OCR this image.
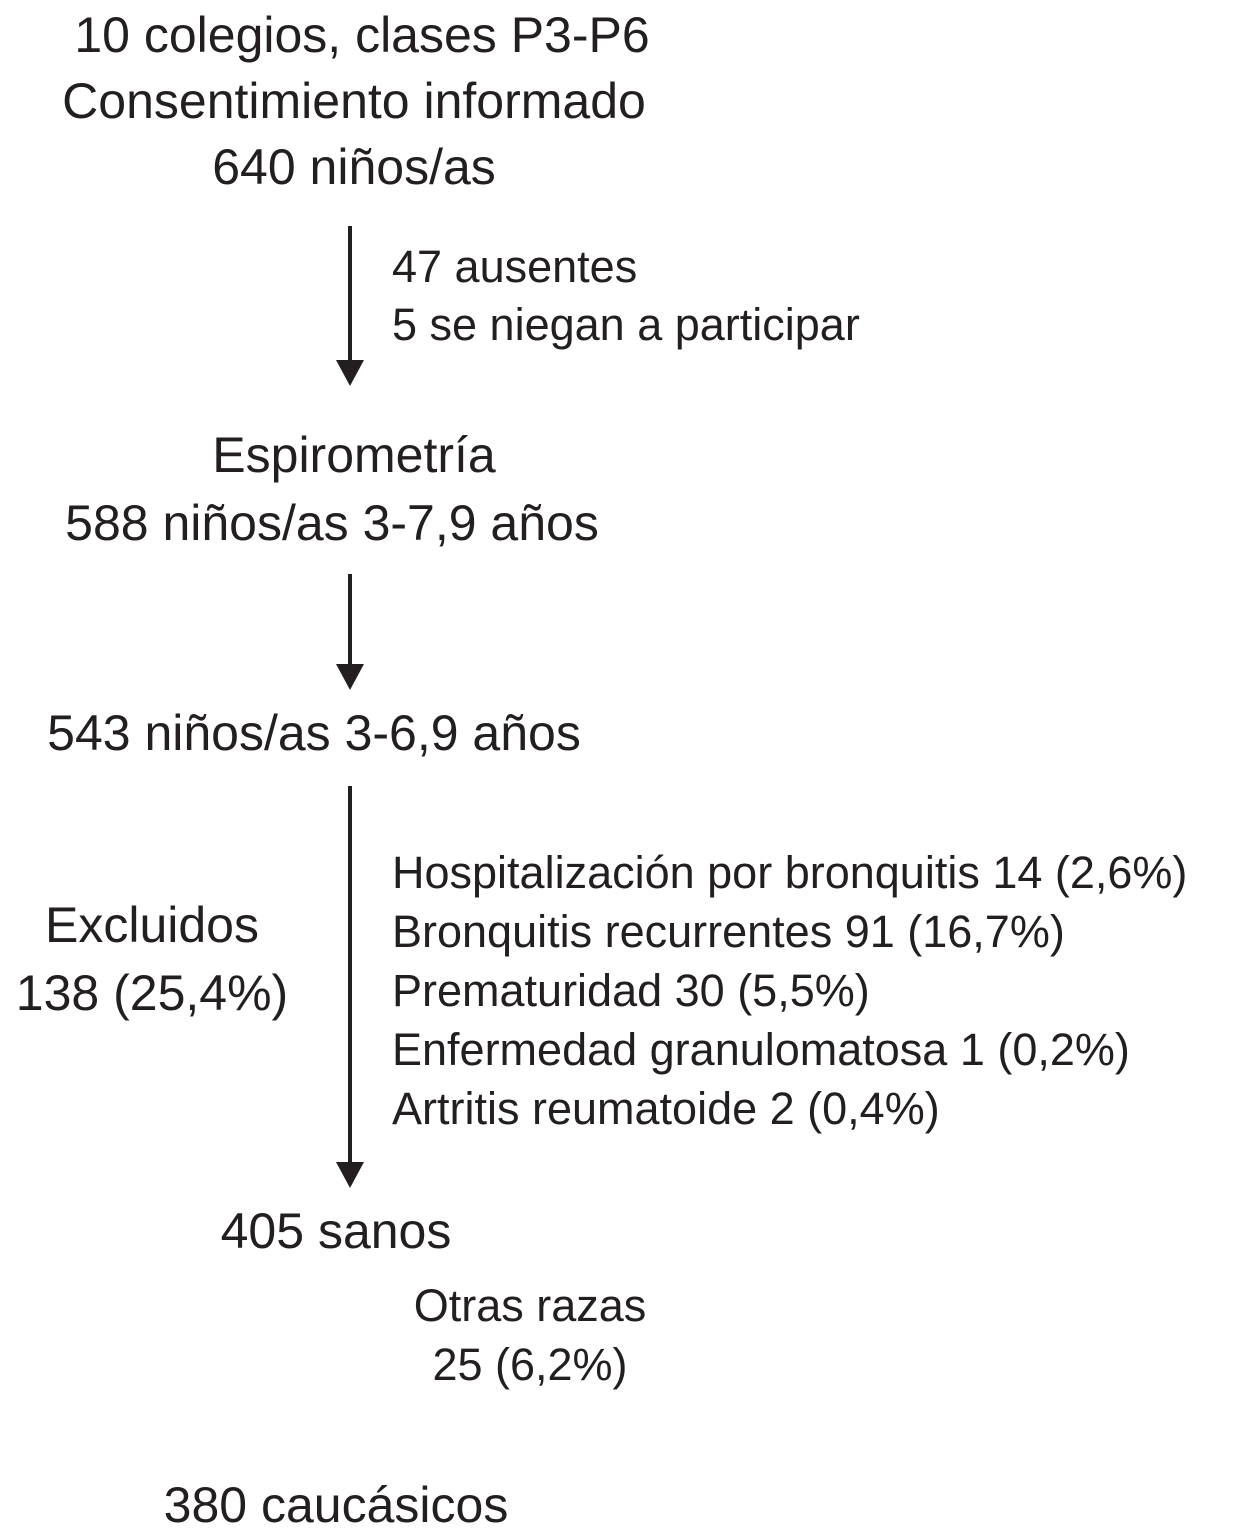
10 colegios, clases P3-P6
Consentimiento informado
640 niños/as
47 ausentes
5 se niegan a participar
Espirometría
588 niños/as 3-7,9 años
543 niños/as 3-6,9 años
Excluidos
138 (25,4%)
Hospitalización por bronquitis 14 (2,6%)
Bronquitis recurrentes 91 (16,7%)
Prematuridad 30 (5,5%)
Enfermedad granulomatosa 1 (0,2%)
Artritis reumatoide 2 (0,4%)
405 sanos
Otras razas
25 (6,2%)
380 caucásicos
